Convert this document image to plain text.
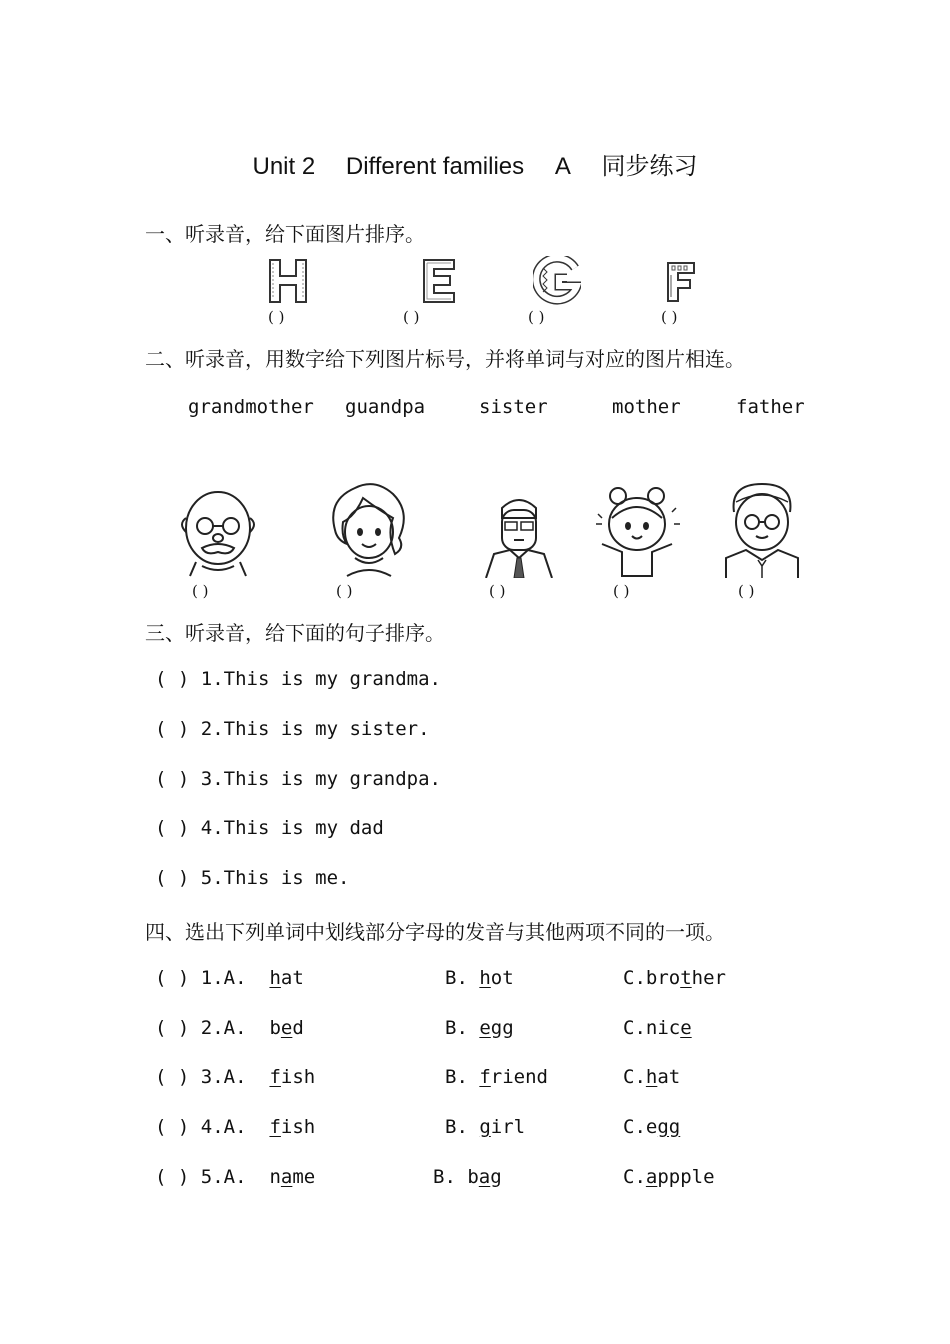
Unit 2 Different families A 同步练习
一、听录音，给下面图片排序。
( )	( )	( )	( )
二、听录音，用数字给下列图片标号，并将单词与对应的图片相连。
grandmother guandpa	sister	mother	father
( )	( )	( )	( )	( )
三、听录音，给下面的句子排序。
( ) 1.This is my grandma.
( ) 2.This is my sister.
( ) 3.This is my grandpa.
( ) 4.This is my dad
( ) 5.This is me.
四、选出下列单词中划线部分字母的发音与其他两项不同的一项。
( ) 1.A. hat	B. hot	C.brother
( ) 2.A. bed	B. egg	C.nice
( ) 3.A. fish	B. friend	C.hat
( ) 4.A. fish	B. girl	C.egg
( ) 5.A. name	B. bag	C.appple
